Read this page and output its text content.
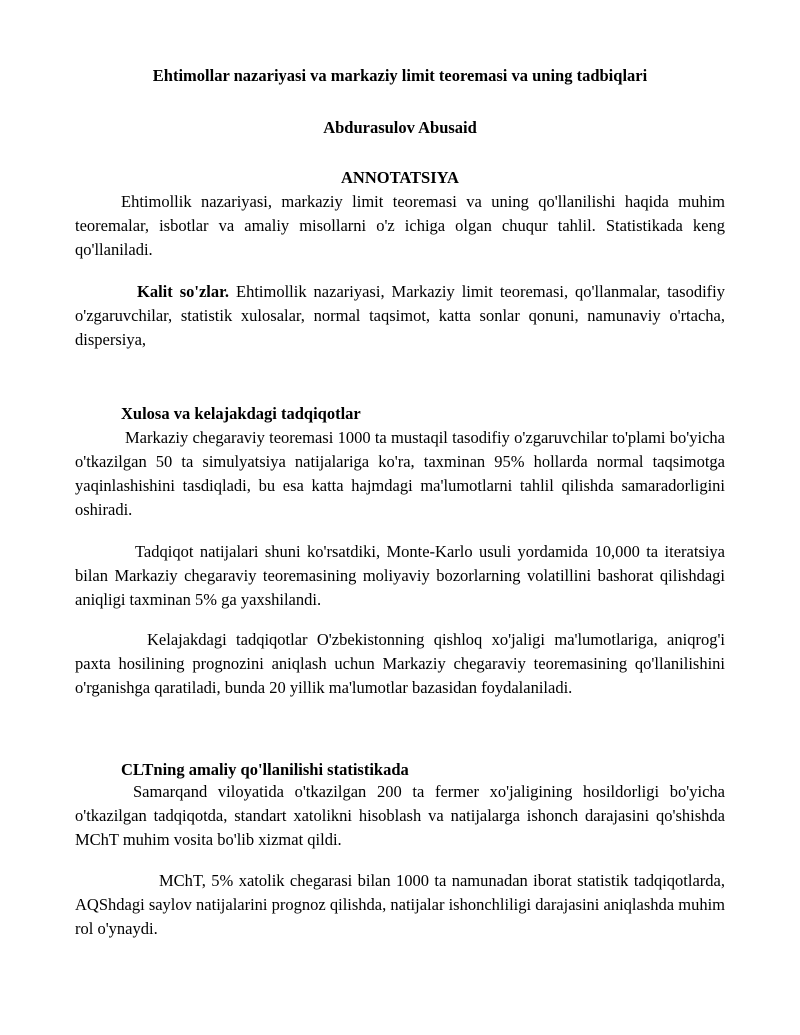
Ehtimollar nazariyasi va markaziy limit teoremasi va uning tadbiqlari
Abdurasulov Abusaid
ANNOTATSIYA
Ehtimollik nazariyasi, markaziy limit teoremasi va uning qo'llanilishi haqida muhim teoremalar, isbotlar va amaliy misollarni o'z ichiga olgan chuqur tahlil. Statistikada keng qo'llaniladi.
Kalit so'zlar. Ehtimollik nazariyasi, Markaziy limit teoremasi, qo'llanmalar, tasodifiy o'zgaruvchilar, statistik xulosalar, normal taqsimot, katta sonlar qonuni, namunaviy o'rtacha, dispersiya,
Xulosa va kelajakdagi tadqiqotlar
Markaziy chegaraviy teoremasi 1000 ta mustaqil tasodifiy o'zgaruvchilar to'plami bo'yicha o'tkazilgan 50 ta simulyatsiya natijalariga ko'ra, taxminan 95% hollarda normal taqsimotga yaqinlashishini tasdiqladi, bu esa katta hajmdagi ma'lumotlarni tahlil qilishda samaradorligini oshiradi.
Tadqiqot natijalari shuni ko'rsatdiki, Monte-Karlo usuli yordamida 10,000 ta iteratsiya bilan Markaziy chegaraviy teoremasining moliyaviy bozorlarning volatillini bashorat qilishdagi aniqligi taxminan 5% ga yaxshilandi.
Kelajakdagi tadqiqotlar O'zbekistonning qishloq xo'jaligi ma'lumotlariga, aniqrog'i paxta hosilining prognozini aniqlash uchun Markaziy chegaraviy teoremasining qo'llanilishini o'rganishga qaratiladi, bunda 20 yillik ma'lumotlar bazasidan foydalaniladi.
CLTning amaliy qo'llanilishi statistikada
Samarqand viloyatida o'tkazilgan 200 ta fermer xo'jaligining hosildorligi bo'yicha o'tkazilgan tadqiqotda, standart xatolikni hisoblash va natijalarga ishonch darajasini qo'shishda MChT muhim vosita bo'lib xizmat qildi.
MChT, 5% xatolik chegarasi bilan 1000 ta namunadan iborat statistik tadqiqotlarda, AQShdagi saylov natijalarini prognoz qilishda, natijalar ishonchliligi darajasini aniqlashda muhim rol o'ynaydi.
